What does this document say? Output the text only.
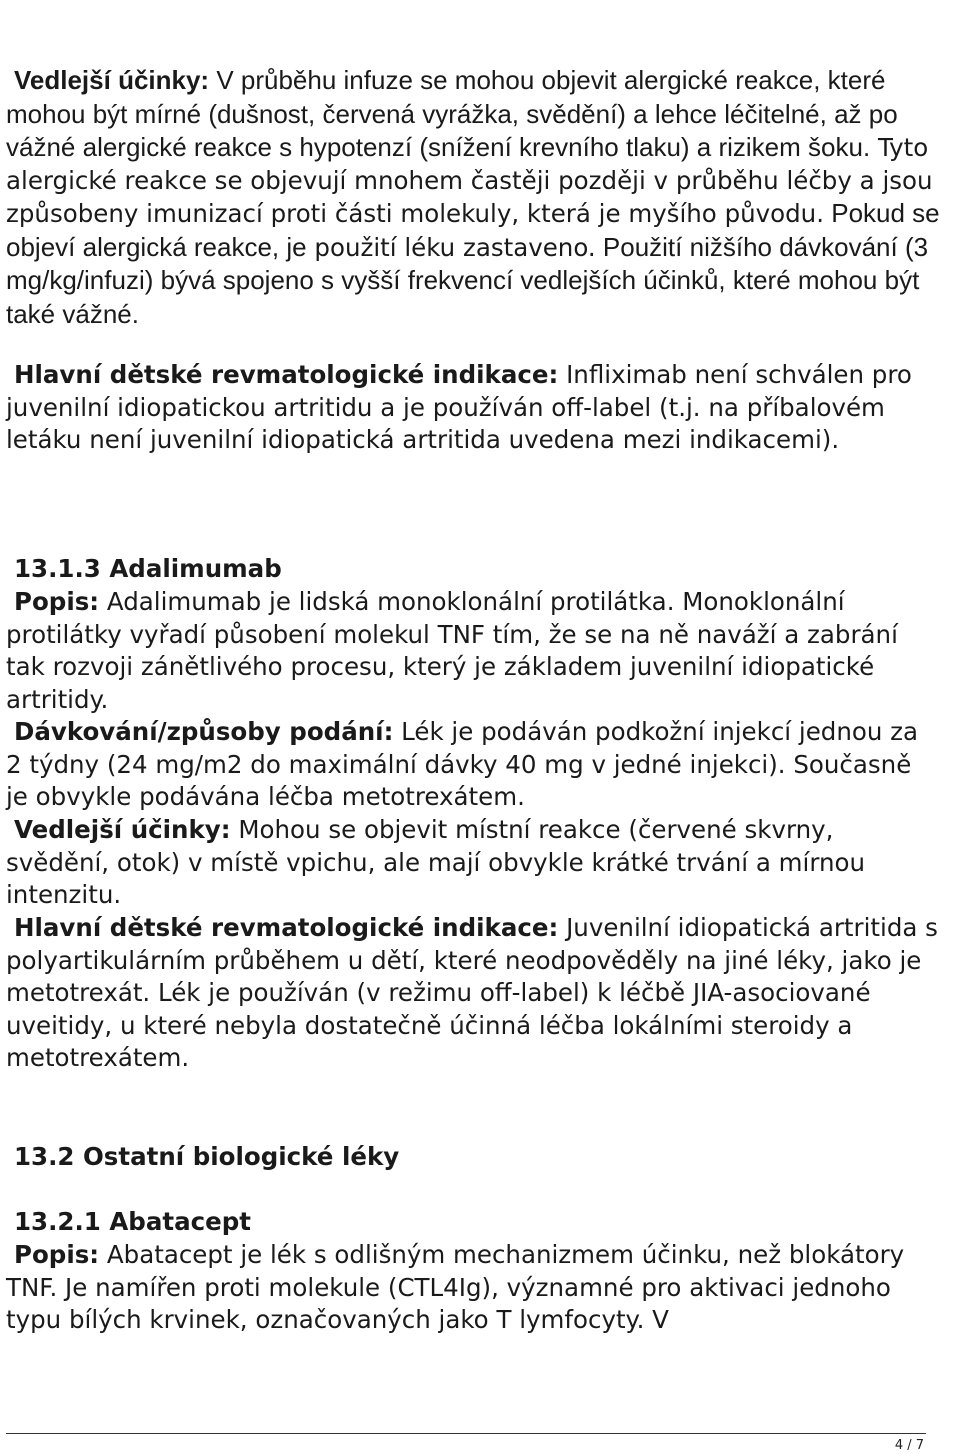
Vedlejší účinky: V průběhu infuze se mohou objevit alergické reakce, které mohou být mírné (dušnost, červená vyrážka, svědění) a lehce léčitelné, až po vážné alergické reakce s hypotenzí (snížení krevního tlaku) a rizikem šoku. Tyto alergické reakce se objevují mnohem častěji později v průběhu léčby a jsou způsobeny imunizací proti části molekuly, která je myšího původu. Pokud se objeví alergická reakce, je použití léku zastaveno. Použití nižšího dávkování (3 mg/kg/infuzi) bývá spojeno s vyšší frekvencí vedlejších účinků, které mohou být také vážné.

Hlavní dětské revmatologické indikace: Infliximab není schválen pro juvenilní idiopatickou artritidu a je používán off-label (t.j. na příbalovém letáku není juvenilní idiopatická artritida uvedena mezi indikacemi).

13.1.3 Adalimumab

Popis: Adalimumab je lidská monoklonální protilátka. Monoklonální protilátky vyřadí působení molekul TNF tím, že se na ně naváží a zabrání tak rozvoji zánětlivého procesu, který je základem juvenilní idiopatické artritidy.

Dávkování/způsoby podání: Lék je podáván podkožní injekcí jednou za 2 týdny (24 mg/m2 do maximální dávky 40 mg v jedné injekci). Současně je obvykle podávána léčba metotrexátem.

Vedlejší účinky: Mohou se objevit místní reakce (červené skvrny, svědění, otok) v místě vpichu, ale mají obvykle krátké trvání a mírnou intenzitu.

Hlavní dětské revmatologické indikace: Juvenilní idiopatická artritida s polyartikulárním průběhem u dětí, které neodpověděly na jiné léky, jako je metotrexát. Lék je používán (v režimu off-label) k léčbě JIA-asociované uveitidy, u které nebyla dostatečně účinná léčba lokálními steroidy a metotrexátem.

13.2 Ostatní biologické léky
13.2.1 Abatacept

Popis: Abatacept je lék s odlišným mechanizmem účinku, než blokátory TNF. Je namířen proti molekule (CTL4Ig), významné pro aktivaci jednoho typu bílých krvinek, označovaných jako T lymfocyty. V

4 / 7
